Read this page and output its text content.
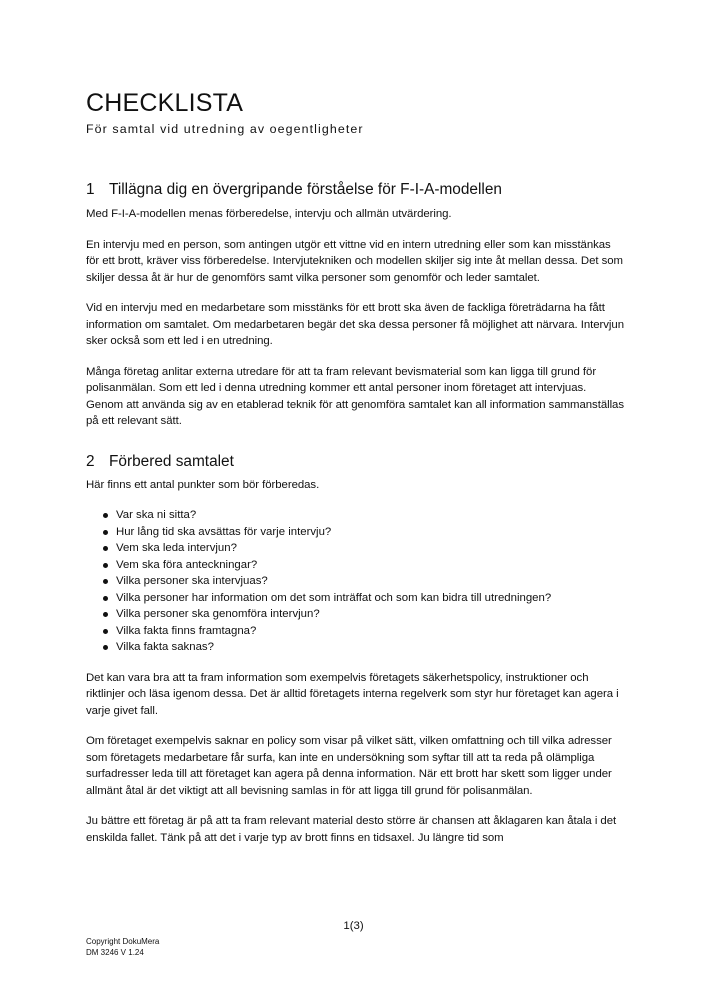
CHECKLISTA
För samtal vid utredning av oegentligheter
1 Tillägna dig en övergripande förståelse för F-I-A-modellen

Med F-I-A-modellen menas förberedelse, intervju och allmän utvärdering.

En intervju med en person, som antingen utgör ett vittne vid en intern utredning eller som kan misstänkas för ett brott, kräver viss förberedelse. Intervjutekniken och modellen skiljer sig inte åt mellan dessa. Det som skiljer dessa åt är hur de genomförs samt vilka personer som genomför och leder samtalet.

Vid en intervju med en medarbetare som misstänks för ett brott ska även de fackliga företrädarna ha fått information om samtalet. Om medarbetaren begär det ska dessa personer få möjlighet att närvara. Intervjun sker också som ett led i en utredning.

Många företag anlitar externa utredare för att ta fram relevant bevismaterial som kan ligga till grund för polisanmälan. Som ett led i denna utredning kommer ett antal personer inom företaget att intervjuas. Genom att använda sig av en etablerad teknik för att genomföra samtalet kan all information sammanställas på ett relevant sätt.

2 Förbered samtalet

Här finns ett antal punkter som bör förberedas.

Var ska ni sitta?
Hur lång tid ska avsättas för varje intervju?
Vem ska leda intervjun?
Vem ska föra anteckningar?
Vilka personer ska intervjuas?
Vilka personer har information om det som inträffat och som kan bidra till utredningen?
Vilka personer ska genomföra intervjun?
Vilka fakta finns framtagna?
Vilka fakta saknas?

Det kan vara bra att ta fram information som exempelvis företagets säkerhetspolicy, instruktioner och riktlinjer och läsa igenom dessa. Det är alltid företagets interna regelverk som styr hur företaget kan agera i varje givet fall.

Om företaget exempelvis saknar en policy som visar på vilket sätt, vilken omfattning och till vilka adresser som företagets medarbetare får surfa, kan inte en undersökning som syftar till att ta reda på olämpliga surfadresser leda till att företaget kan agera på denna information. När ett brott har skett som ligger under allmänt åtal är det viktigt att all bevisning samlas in för att ligga till grund för polisanmälan.

Ju bättre ett företag är på att ta fram relevant material desto större är chansen att åklagaren kan åtala i det enskilda fallet. Tänk på att det i varje typ av brott finns en tidsaxel. Ju längre tid som

1(3)
Copyright DokuMera
DM 3246 V 1.24
